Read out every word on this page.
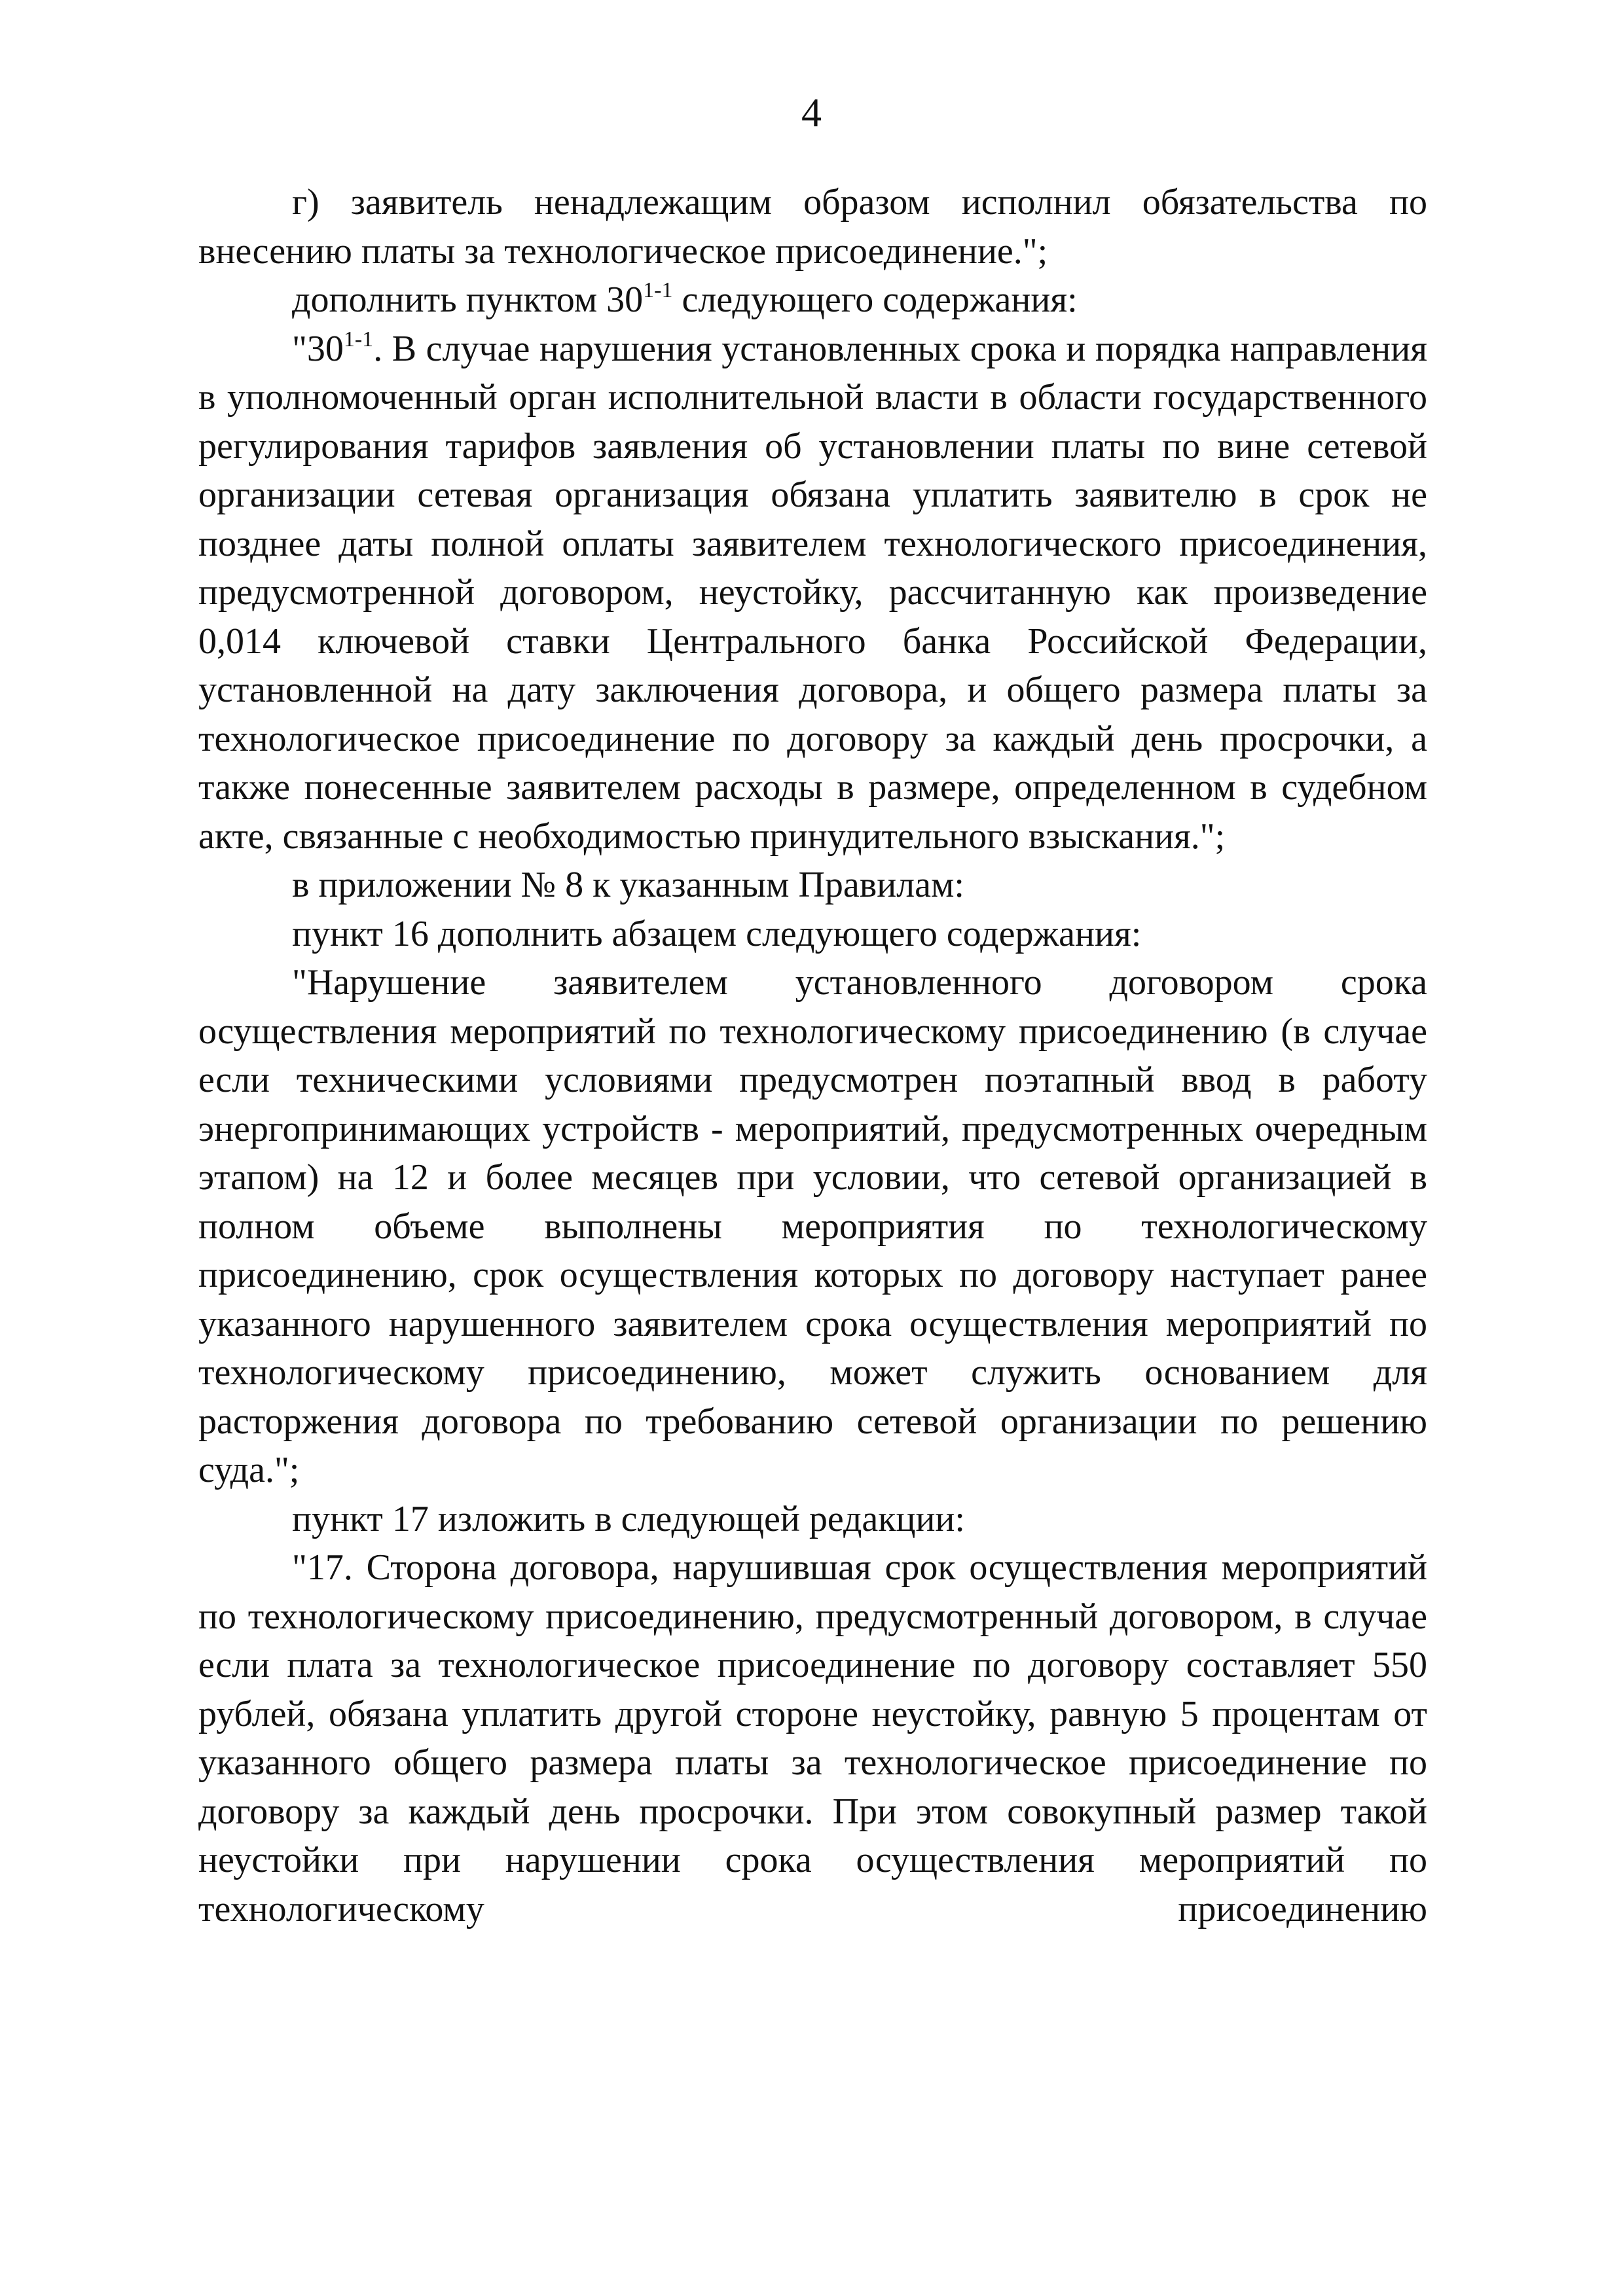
4

г) заявитель ненадлежащим образом исполнил обязательства по внесению платы за технологическое присоединение.";

дополнить пунктом 30$^{1-1}$ следующего содержания:

"30$^{1-1}$. В случае нарушения установленных срока и порядка направления в уполномоченный орган исполнительной власти в области государственного регулирования тарифов заявления об установлении платы по вине сетевой организации сетевая организация обязана уплатить заявителю в срок не позднее даты полной оплаты заявителем технологического присоединения, предусмотренной договором, неустойку, рассчитанную как произведение 0,014 ключевой ставки Центрального банка Российской Федерации, установленной на дату заключения договора, и общего размера платы за технологическое присоединение по договору за каждый день просрочки, а также понесенные заявителем расходы в размере, определенном в судебном акте, связанные с необходимостью принудительного взыскания.";

в приложении № 8 к указанным Правилам:

пункт 16 дополнить абзацем следующего содержания:

"Нарушение заявителем установленного договором срока осуществления мероприятий по технологическому присоединению (в случае если техническими условиями предусмотрен поэтапный ввод в работу энергопринимающих устройств - мероприятий, предусмотренных очередным этапом) на 12 и более месяцев при условии, что сетевой организацией в полном объеме выполнены мероприятия по технологическому присоединению, срок осуществления которых по договору наступает ранее указанного нарушенного заявителем срока осуществления мероприятий по технологическому присоединению, может служить основанием для расторжения договора по требованию сетевой организации по решению суда.";

пункт 17 изложить в следующей редакции:

"17. Сторона договора, нарушившая срок осуществления мероприятий по технологическому присоединению, предусмотренный договором, в случае если плата за технологическое присоединение по договору составляет 550 рублей, обязана уплатить другой стороне неустойку, равную 5 процентам от указанного общего размера платы за технологическое присоединение по договору за каждый день просрочки. При этом совокупный размер такой неустойки при нарушении срока осуществления мероприятий по технологическому присоединению
